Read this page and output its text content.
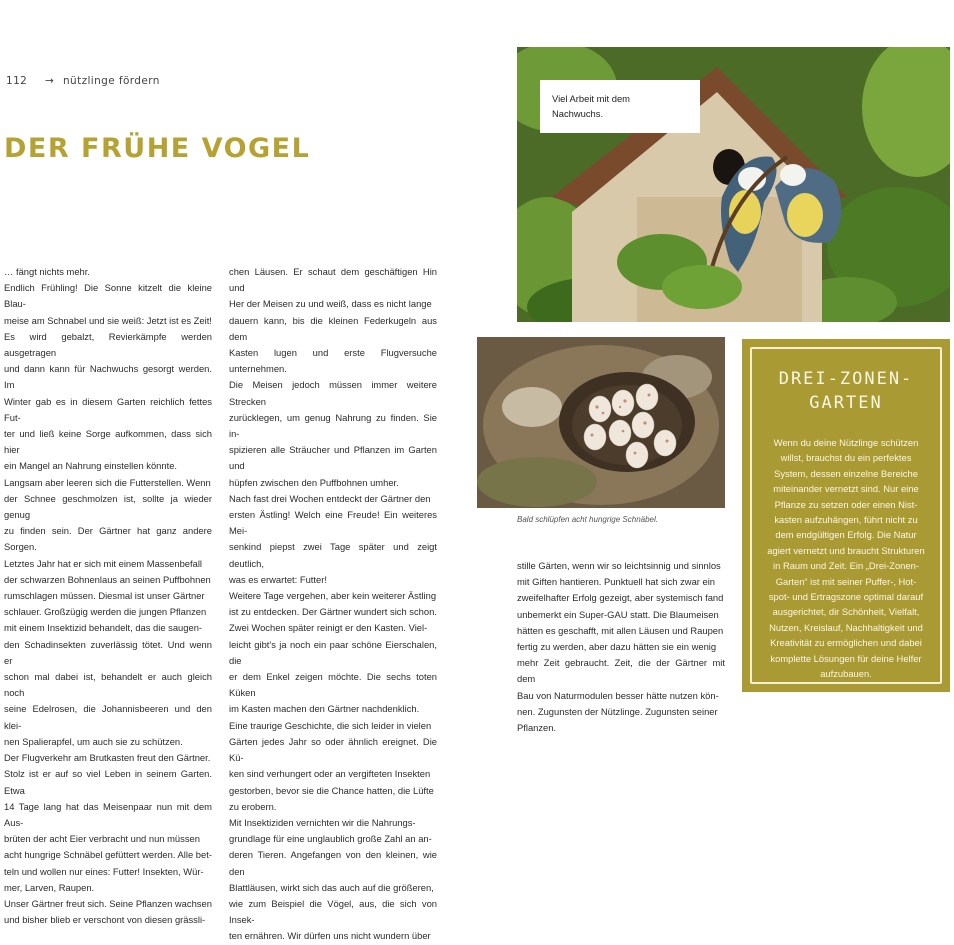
112 → nützlinge fördern
DER FRÜHE VOGEL

… fängt nichts mehr.

Endlich Frühling! Die Sonne kitzelt die kleine Blau-

meise am Schnabel und sie weiß: Jetzt ist es Zeit!

Es wird gebalzt, Revierkämpfe werden ausgetragen

und dann kann für Nachwuchs gesorgt werden. Im

Winter gab es in diesem Garten reichlich fettes Fut-

ter und ließ keine Sorge aufkommen, dass sich hier

ein Mangel an Nahrung einstellen könnte.

Langsam aber leeren sich die Futterstellen. Wenn

der Schnee geschmolzen ist, sollte ja wieder genug

zu finden sein. Der Gärtner hat ganz andere Sorgen.

Letztes Jahr hat er sich mit einem Massenbefall

der schwarzen Bohnenlaus an seinen Puffbohnen

rumschlagen müssen. Diesmal ist unser Gärtner

schlauer. Großzügig werden die jungen Pflanzen

mit einem Insektizid behandelt, das die saugen-

den Schadinsekten zuverlässig tötet. Und wenn er

schon mal dabei ist, behandelt er auch gleich noch

seine Edelrosen, die Johannisbeeren und den klei-

nen Spalierapfel, um auch sie zu schützen.

Der Flugverkehr am Brutkasten freut den Gärtner.

Stolz ist er auf so viel Leben in seinem Garten. Etwa

14 Tage lang hat das Meisenpaar nun mit dem Aus-

brüten der acht Eier verbracht und nun müssen

acht hungrige Schnäbel gefüttert werden. Alle bet-

teln und wollen nur eines: Futter! Insekten, Wür-

mer, Larven, Raupen.

Unser Gärtner freut sich. Seine Pflanzen wachsen

und bisher blieb er verschont von diesen grässli-

chen Läusen. Er schaut dem geschäftigen Hin und

Her der Meisen zu und weiß, dass es nicht lange

dauern kann, bis die kleinen Federkugeln aus dem

Kasten lugen und erste Flugversuche unternehmen.

Die Meisen jedoch müssen immer weitere Strecken

zurücklegen, um genug Nahrung zu finden. Sie in-

spizieren alle Sträucher und Pflanzen im Garten und

hüpfen zwischen den Puffbohnen umher.

Nach fast drei Wochen entdeckt der Gärtner den

ersten Ästling! Welch eine Freude! Ein weiteres Mei-

senkind piepst zwei Tage später und zeigt deutlich,

was es erwartet: Futter!

Weitere Tage vergehen, aber kein weiterer Ästling

ist zu entdecken. Der Gärtner wundert sich schon.

Zwei Wochen später reinigt er den Kasten. Viel-

leicht gibt's ja noch ein paar schöne Eierschalen, die

er dem Enkel zeigen möchte. Die sechs toten Küken

im Kasten machen den Gärtner nachdenklich.

Eine traurige Geschichte, die sich leider in vielen

Gärten jedes Jahr so oder ähnlich ereignet. Die Kü-

ken sind verhungert oder an vergifteten Insekten

gestorben, bevor sie die Chance hatten, die Lüfte

zu erobern.

Mit Insektiziden vernichten wir die Nahrungs-

grundlage für eine unglaublich große Zahl an an-

deren Tieren. Angefangen von den kleinen, wie den

Blattläusen, wirkt sich das auch auf die größeren,

wie zum Beispiel die Vögel, aus, die sich von Insek-

ten ernähren. Wir dürfen uns nicht wundern über

Viel Arbeit mit dem
Nachwuchs.
Bald schlüpfen acht hungrige Schnäbel.

stille Gärten, wenn wir so leichtsinnig und sinnlos

mit Giften hantieren. Punktuell hat sich zwar ein

zweifelhafter Erfolg gezeigt, aber systemisch fand

unbemerkt ein Super-GAU statt. Die Blaumeisen

hätten es geschafft, mit allen Läusen und Raupen

fertig zu werden, aber dazu hätten sie ein wenig

mehr Zeit gebraucht. Zeit, die der Gärtner mit dem

Bau von Naturmodulen besser hätte nutzen kön-

nen. Zugunsten der Nützlinge. Zugunsten seiner

Pflanzen.

DREI-ZONEN-
GARTEN
Wenn du deine Nützlinge schützen
willst, brauchst du ein perfektes
System, dessen einzelne Bereiche
miteinander vernetzt sind. Nur eine
Pflanze zu setzen oder einen Nist-
kasten aufzuhängen, führt nicht zu
dem endgültigen Erfolg. Die Natur
agiert vernetzt und braucht Strukturen
in Raum und Zeit. Ein „Drei-Zonen-
Garten“ ist mit seiner Puffer-, Hot-
spot- und Ertragszone optimal darauf
ausgerichtet, dir Schönheit, Vielfalt,
Nutzen, Kreislauf, Nachhaltigkeit und
Kreativität zu ermöglichen und dabei
komplette Lösungen für deine Helfer
aufzubauen.
